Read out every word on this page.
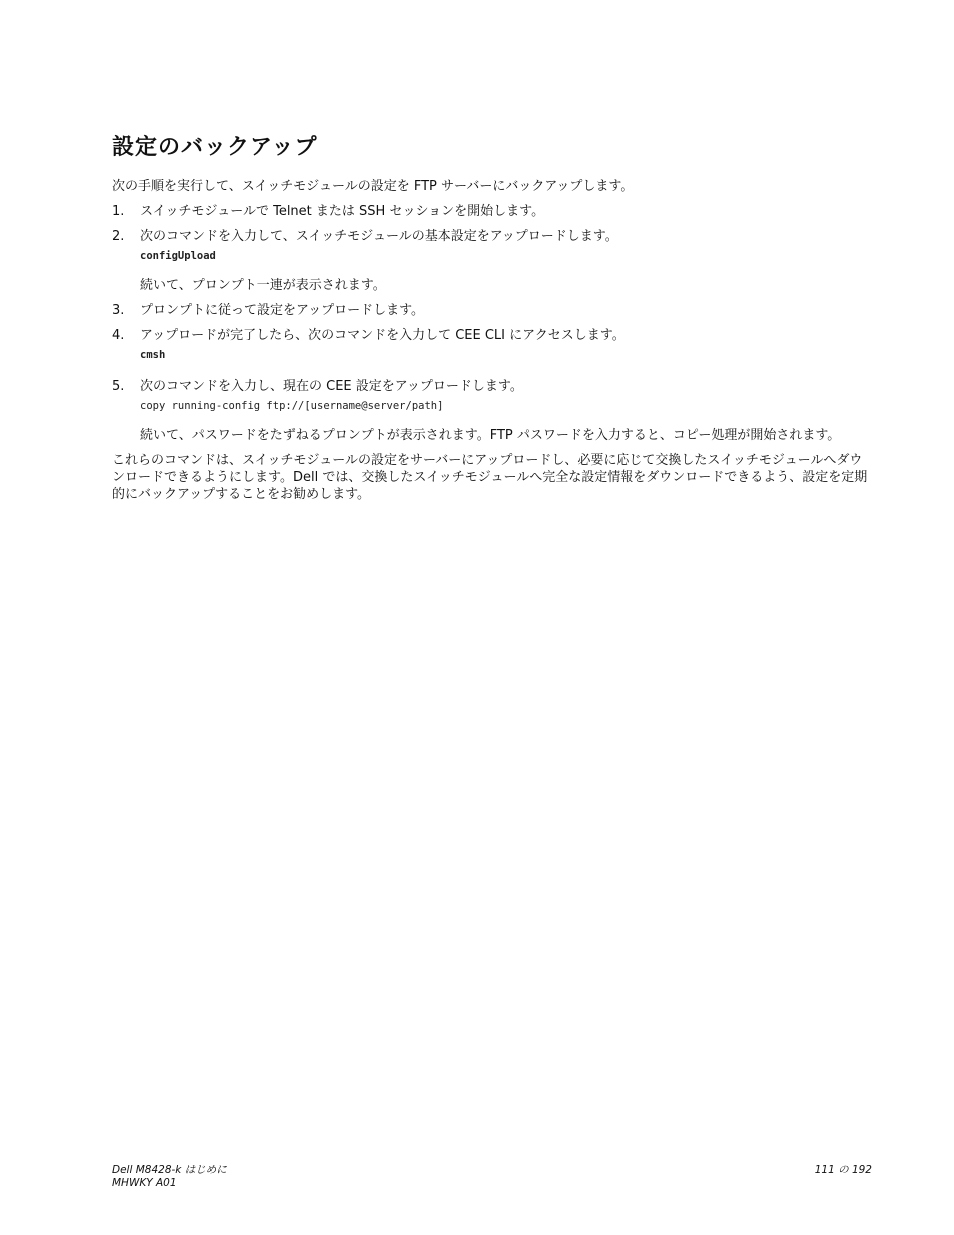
設定のバックアップ

次の手順を実行して、スイッチモジュールの設定を FTP サーバーにバックアップします。

1.	スイッチモジュールで Telnet または SSH セッションを開始します。
2.	次のコマンドを入力して、スイッチモジュールの基本設定をアップロードします。
configUpload
続いて、プロンプト一連が表示されます。
3.	プロンプトに従って設定をアップロードします。
4.	アップロードが完了したら、次のコマンドを入力して CEE CLI にアクセスします。
cmsh
5.	次のコマンドを入力し、現在の CEE 設定をアップロードします。
copy running-config ftp://[username@server/path]
続いて、パスワードをたずねるプロンプトが表示されます。FTP パスワードを入力すると、コピー処理が開始されます。

これらのコマンドは、スイッチモジュールの設定をサーバーにアップロードし、必要に応じて交換したスイッチモジュールへダウンロードできるようにします。Dell では、交換したスイッチモジュールへ完全な設定情報をダウンロードできるよう、設定を定期的にバックアップすることをお勧めします。

Dell M8428-k はじめに
MHWKY A01
111 の 192
